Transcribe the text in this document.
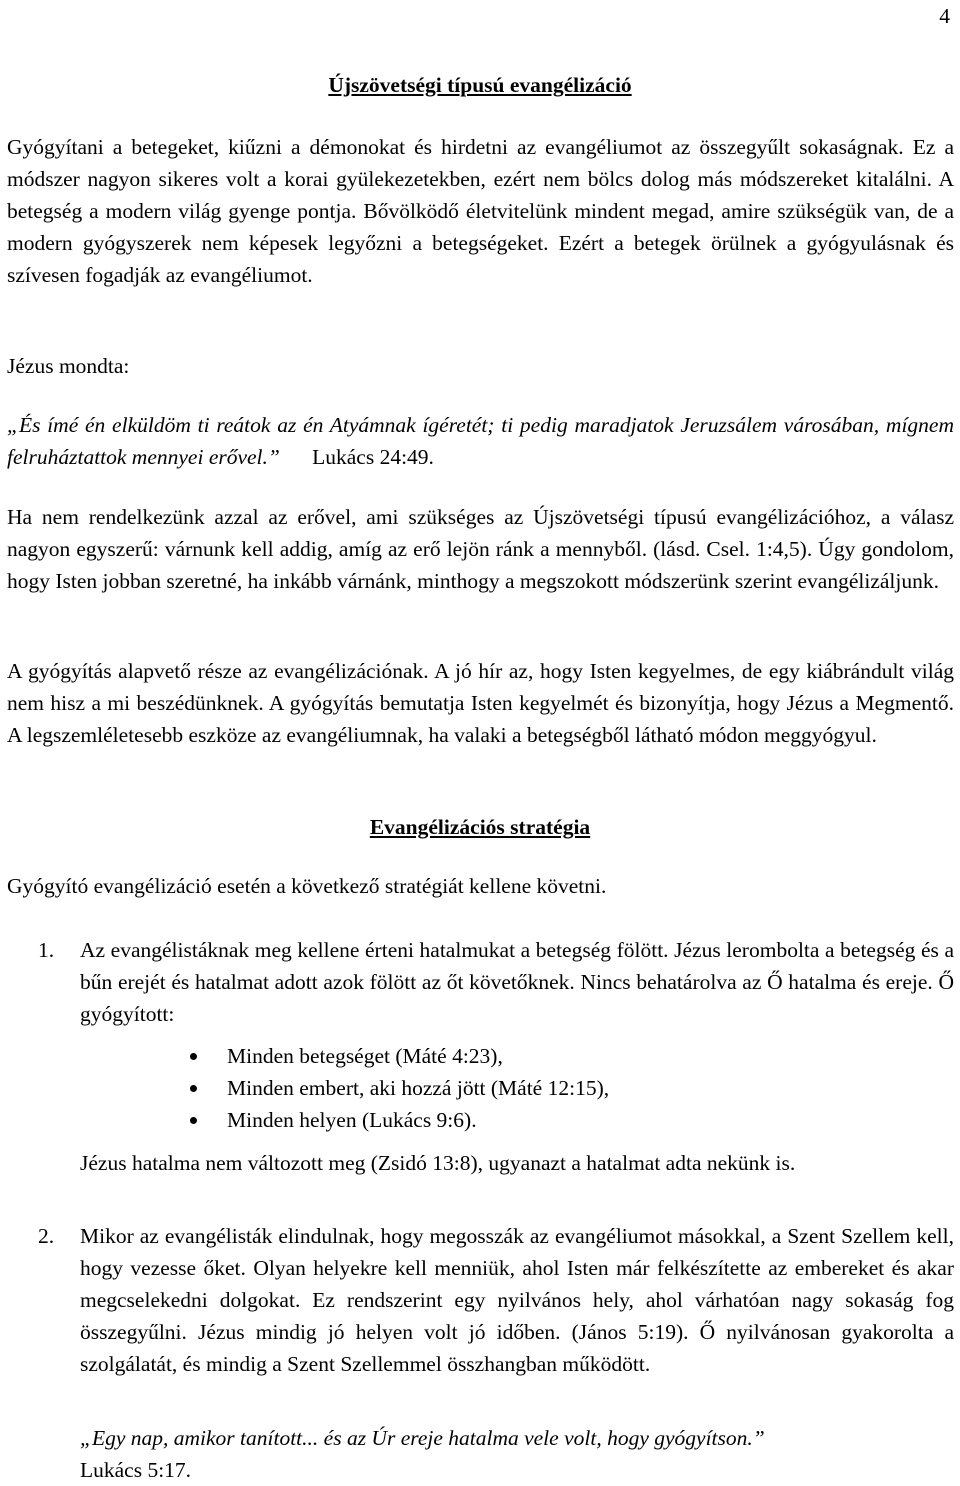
4
Újszövetségi típusú evangélizáció

Gyógyítani a betegeket, kiűzni a démonokat és hirdetni az evangéliumot az összegyűlt sokaságnak. Ez a módszer nagyon sikeres volt a korai gyülekezetekben, ezért nem bölcs dolog más módszereket kitalálni. A betegség a modern világ gyenge pontja. Bővölködő életvitelünk mindent megad, amire szükségük van, de a modern gyógyszerek nem képesek legyőzni a betegségeket. Ezért a betegek örülnek a gyógyulásnak és szívesen fogadják az evangéliumot.

Jézus mondta:

„És ímé én elküldöm ti reátok az én Atyámnak ígéretét; ti pedig maradjatok Jeruzsálem városában, mígnem felruháztattok mennyei erővel.” Lukács 24:49.

Ha nem rendelkezünk azzal az erővel, ami szükséges az Újszövetségi típusú evangélizációhoz, a válasz nagyon egyszerű: várnunk kell addig, amíg az erő lejön ránk a mennyből. (lásd. Csel. 1:4,5). Úgy gondolom, hogy Isten jobban szeretné, ha inkább várnánk, minthogy a megszokott módszerünk szerint evangélizáljunk.

A gyógyítás alapvető része az evangélizációnak. A jó hír az, hogy Isten kegyelmes, de egy kiábrándult világ nem hisz a mi beszédünknek. A gyógyítás bemutatja Isten kegyelmét és bizonyítja, hogy Jézus a Megmentő. A legszemléletesebb eszköze az evangéliumnak, ha valaki a betegségből látható módon meggyógyul.

Evangélizációs stratégia

Gyógyító evangélizáció esetén a következő stratégiát kellene követni.

1. Az evangélistáknak meg kellene érteni hatalmukat a betegség fölött. Jézus lerombolta a betegség és a bűn erejét és hatalmat adott azok fölött az őt követőknek. Nincs behatárolva az Ő hatalma és ereje. Ő gyógyított:

Minden betegséget (Máté 4:23),
Minden embert, aki hozzá jött (Máté 12:15),
Minden helyen (Lukács 9:6).

Jézus hatalma nem változott meg (Zsidó 13:8), ugyanazt a hatalmat adta nekünk is.

2. Mikor az evangélisták elindulnak, hogy megosszák az evangéliumot másokkal, a Szent Szellem kell, hogy vezesse őket. Olyan helyekre kell menniük, ahol Isten már felkészítette az embereket és akar megcselekedni dolgokat. Ez rendszerint egy nyilvános hely, ahol várhatóan nagy sokaság fog összegyűlni. Jézus mindig jó helyen volt jó időben. (János 5:19). Ő nyilvánosan gyakorolta a szolgálatát, és mindig a Szent Szellemmel összhangban működött.

„Egy nap, amikor tanított... és az Úr ereje hatalma vele volt, hogy gyógyítson.”
Lukács 5:17.
